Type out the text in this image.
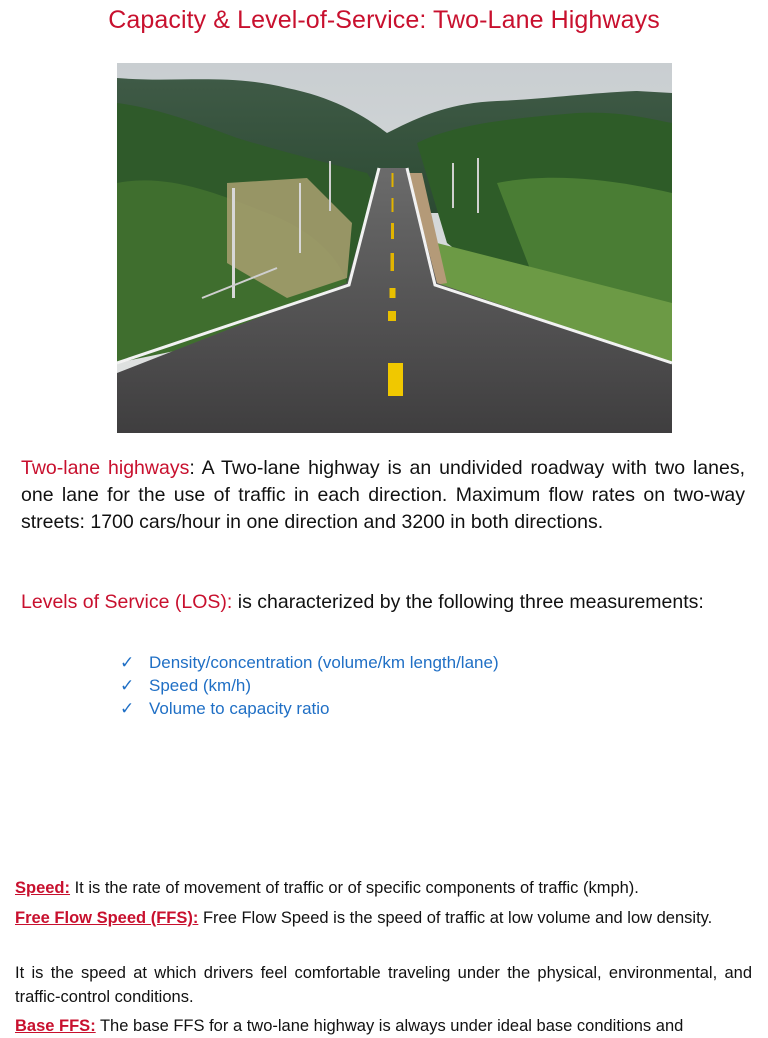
Capacity & Level-of-Service: Two-Lane Highways
Two-lane highways: A Two-lane highway is an undivided roadway with two lanes, one lane for the use of traffic in each direction. Maximum flow rates on two-way streets: 1700 cars/hour in one direction and 3200 in both directions.
Levels of Service (LOS): is characterized by the following three measurements:
✓ Density/concentration (volume/km length/lane)
✓ Speed (km/h)
✓ Volume to capacity ratio
Speed: It is the rate of movement of traffic or of specific components of traffic (kmph).
Free Flow Speed (FFS): Free Flow Speed is the speed of traffic at low volume and low density.
It is the speed at which drivers feel comfortable traveling under the physical, environmental, and traffic-control conditions.
Base FFS: The base FFS for a two-lane highway is always under ideal base conditions and
